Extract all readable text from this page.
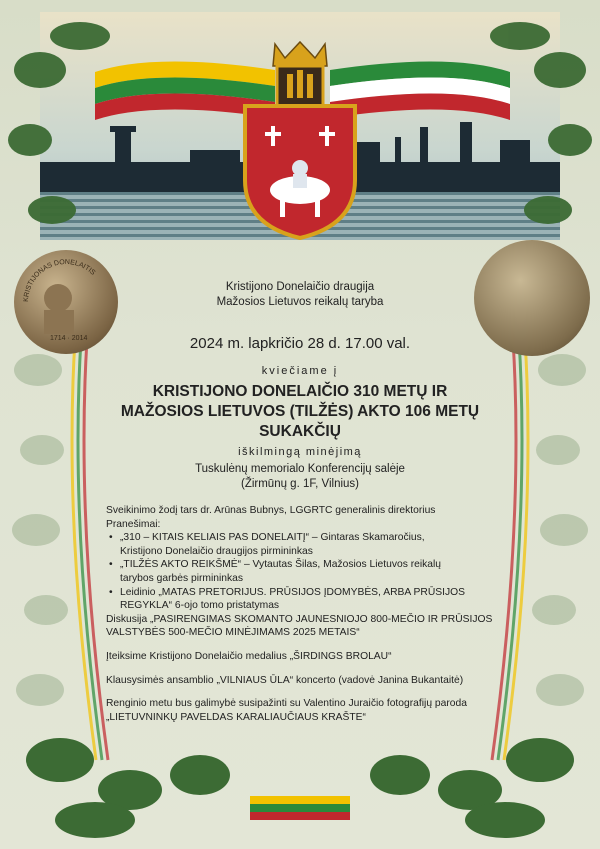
KRISTIJONAS DONELAITIS
1714 · 2014
Kristijono Donelaičio draugija
Mažosios Lietuvos reikalų taryba
2024 m. lapkričio 28 d. 17.00 val.
kviečiame į
KRISTIJONO DONELAIČIO 310 METŲ IR
MAŽOSIOS LIETUVOS (TILŽĖS) AKTO 106 METŲ
SUKAKČIŲ
iškilmingą minėjimą
Tuskulėnų memorialo Konferencijų salėje
(Žirmūnų g. 1F, Vilnius)

Sveikinimo žodį tars dr. Arūnas Bubnys, LGGRTC generalinis direktorius

Pranešimai:

• „310 – KITAIS KELIAIS PAS DONELAITĮ“ – Gintaras Skamaročius,
Kristijono Donelaičio draugijos pirmininkas
• „TILŽĖS AKTO REIKŠMĖ“ – Vytautas Šilas, Mažosios Lietuvos reikalų
tarybos garbės pirmininkas
• Leidinio „MATAS PRETORIJUS. PRŪSIJOS ĮDOMYBĖS, ARBA PRŪSIJOS
REGYKLA“ 6-ojo tomo pristatymas

Diskusija „PASIRENGIMAS SKOMANTO JAUNESNIOJO 800-MEČIO IR PRŪSIJOS

VALSTYBĖS 500-MEČIO MINĖJIMAMS 2025 METAIS“

Įteiksime Kristijono Donelaičio medalius „ŠIRDINGS BROLAU“

Klausysimės ansamblio „VILNIAUS ŪLA“ koncerto (vadovė Janina Bukantaitė)

Renginio metu bus galimybė susipažinti su Valentino Juraičio fotografijų paroda

„LIETUVNINKŲ PAVELDAS KARALIAUČIAUS KRAŠTE“
